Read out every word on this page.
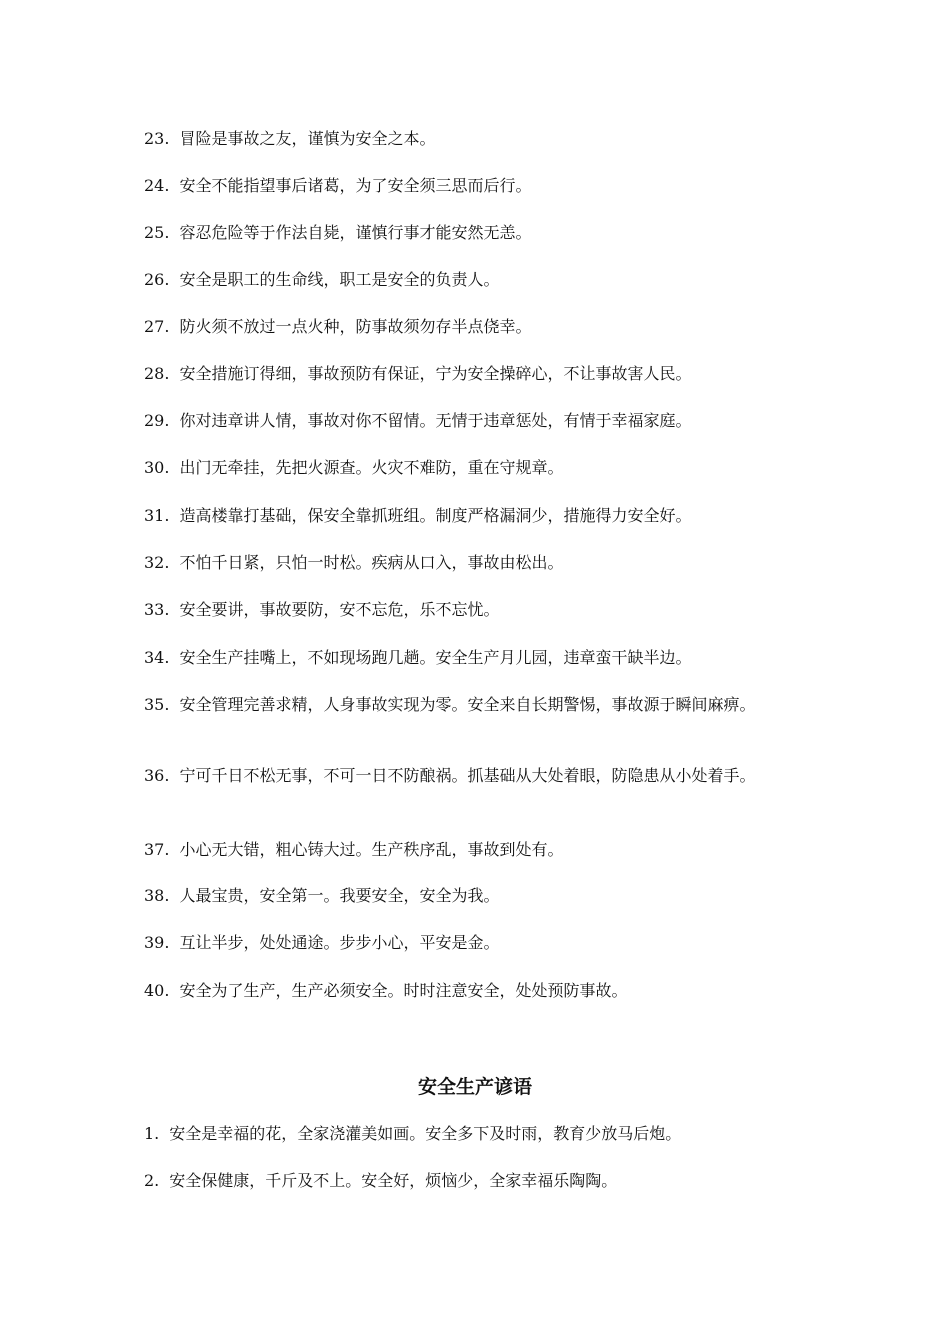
23. 冒险是事故之友，谨慎为安全之本。
24. 安全不能指望事后诸葛，为了安全须三思而后行。
25. 容忍危险等于作法自毙，谨慎行事才能安然无恙。
26. 安全是职工的生命线，职工是安全的负责人。
27. 防火须不放过一点火种，防事故须勿存半点侥幸。
28. 安全措施订得细，事故预防有保证，宁为安全操碎心，不让事故害人民。
29. 你对违章讲人情，事故对你不留情。无情于违章惩处，有情于幸福家庭。
30. 出门无牵挂，先把火源查。火灾不难防，重在守规章。
31. 造高楼靠打基础，保安全靠抓班组。制度严格漏洞少，措施得力安全好。
32. 不怕千日紧，只怕一时松。疾病从口入，事故由松出。
33. 安全要讲，事故要防，安不忘危，乐不忘忧。
34. 安全生产挂嘴上，不如现场跑几趟。安全生产月儿园，违章蛮干缺半边。
35. 安全管理完善求精，人身事故实现为零。安全来自长期警惕，事故源于瞬间麻痹。
36. 宁可千日不松无事，不可一日不防酿祸。抓基础从大处着眼，防隐患从小处着手。
37. 小心无大错，粗心铸大过。生产秩序乱，事故到处有。
38. 人最宝贵，安全第一。我要安全，安全为我。
39. 互让半步，处处通途。步步小心，平安是金。
40. 安全为了生产，生产必须安全。时时注意安全，处处预防事故。
安全生产谚语
1. 安全是幸福的花，全家浇灌美如画。安全多下及时雨，教育少放马后炮。
2. 安全保健康，千斤及不上。安全好，烦恼少，全家幸福乐陶陶。
